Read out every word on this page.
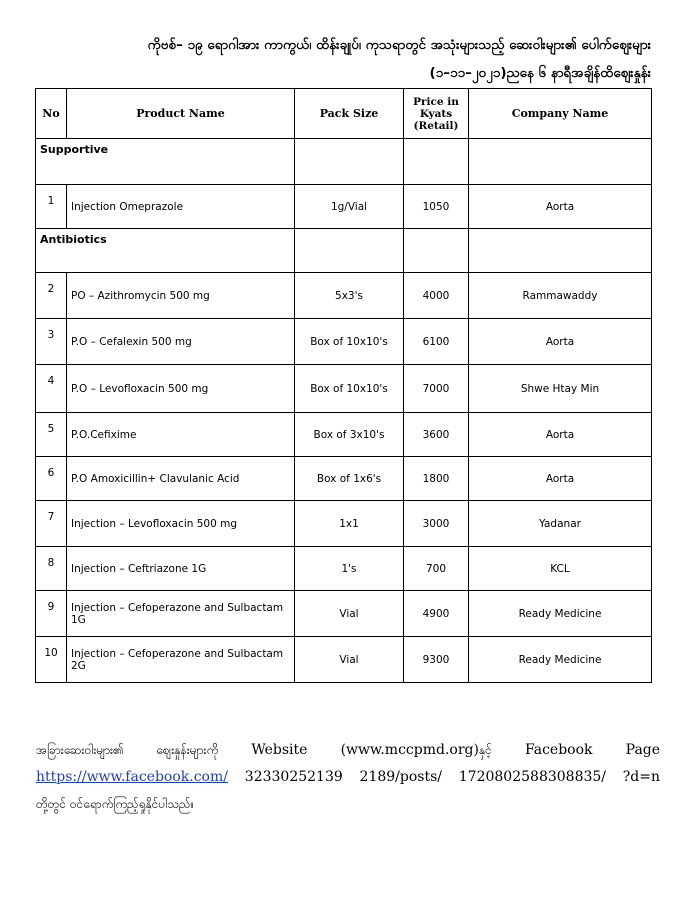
ကိုဗစ်– ၁၉ ရောဂါအား ကာကွယ်၊ ထိန်းချုပ်၊ ကုသရာတွင် အသုံးများသည့် ဆေးဝါးများ၏ ပေါက်ဈေးများ
(၁–၁၁–၂၀၂၁)ညနေ ၆ နာရီအချိန်ထိဈေးနှုန်း
No	Product Name	Pack Size	Price in Kyats (Retail)	Company Name
Supportive				
1	Injection Omeprazole	1g/Vial	1050	Aorta
Antibiotics				
2	PO – Azithromycin 500 mg	5x3's	4000	Rammawaddy
3	P.O – Cefalexin 500 mg	Box of 10x10's	6100	Aorta
4	P.O – Levofloxacin 500 mg	Box of 10x10's	7000	Shwe Htay Min
5	P.O.Cefixime	Box of 3x10's	3600	Aorta
6	P.O Amoxicillin+ Clavulanic Acid	Box of 1x6's	1800	Aorta
7	Injection – Levofloxacin 500 mg	1x1	3000	Yadanar
8	Injection – Ceftriazone 1G	1's	700	KCL
9	Injection – Cefoperazone and Sulbactam 1G	Vial	4900	Ready Medicine
10	Injection – Cefoperazone and Sulbactam 2G	Vial	9300	Ready Medicine
အခြားဆေးဝါးများ၏ ဈေးနှုန်းများကို Website (www.mccpmd.org)နှင့် Facebook Page
https://www.facebook.com/ 32330252139 2189/posts/ 1720802588308835/ ?d=n
တို့တွင် ဝင်ရောက်ကြည့်ရှုနိုင်ပါသည်။
